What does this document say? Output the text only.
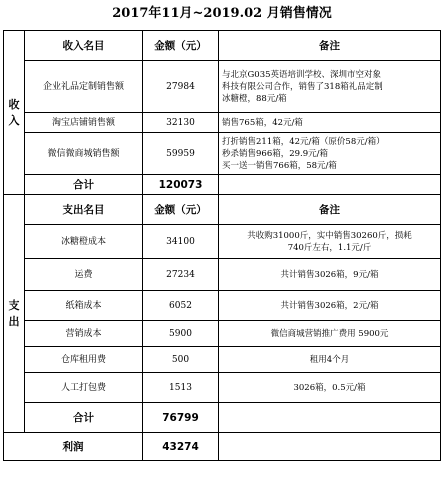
2017年11月~2019.02 月销售情况
收
入	收入名目	金额（元）	备注
	企业礼品定制销售额	27984	与北京G035英语培训学校、深圳市空对象
科技有限公司合作，销售了318箱礼品定制
冰糖橙，88元/箱

	淘宝店铺销售额	32130	销售765箱，42元/箱

	微信微商城销售额	59959	打折销售211箱，42元/箱（原价58元/箱）
秒杀销售966箱，29.9元/箱
买一送一销售766箱，58元/箱

	合计	120073	

支
出	支出名目	金额（元）	备注
	冰糖橙成本	34100	共收购31000斤，实中销售30260斤，损耗
740斤左右，1.1元/斤

	运费	27234	共计销售3026箱，9元/箱
	纸箱成本	6052	共计销售3026箱，2元/箱
	营销成本	5900	微信商城营销推广费用 5900元
	仓库租用费	500	租用4个月
	人工打包费	1513	3026箱，0.5元/箱
	合计	76799	
利润		43274	
